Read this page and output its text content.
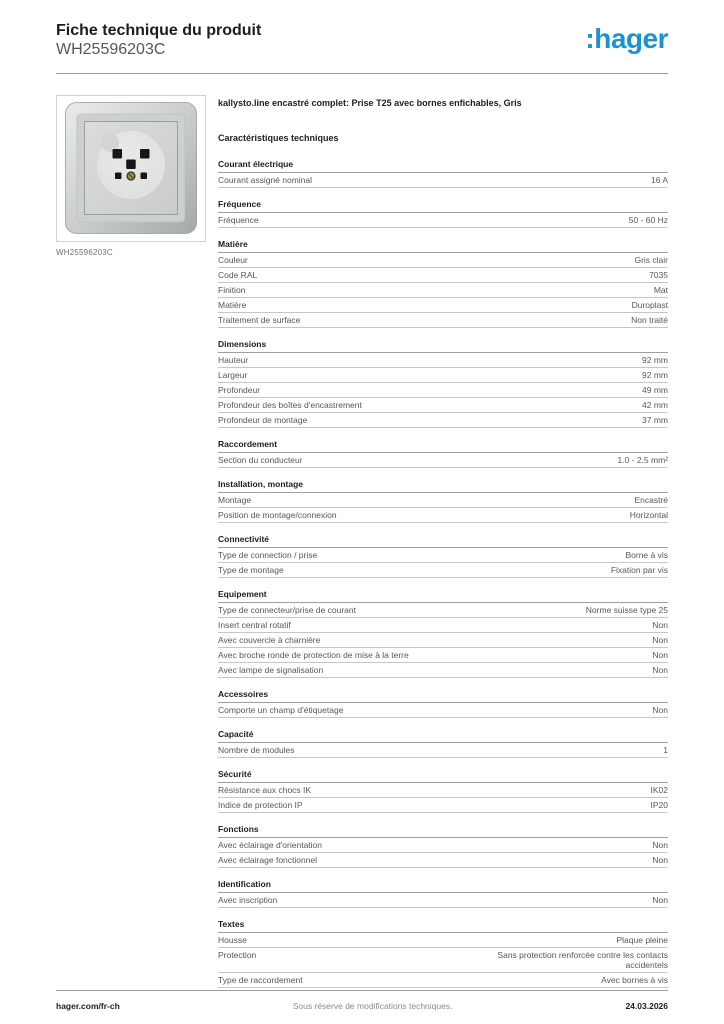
Fiche technique du produit
WH25596203C	:hager
WH25596203C
kallysto.line encastré complet: Prise T25 avec bornes enfichables, Gris
Caractéristiques techniques
Courant électrique
Courant assigné nominal	16 A
Fréquence
Fréquence	50 - 60 Hz
Matière
Couleur	Gris clair
Code RAL	7035
Finition	Mat
Matière	Duroplast
Traitement de surface	Non traité
Dimensions
Hauteur	92 mm
Largeur	92 mm
Profondeur	49 mm
Profondeur des boîtes d'encastrement	42 mm
Profondeur de montage	37 mm
Raccordement
Section du conducteur	1.0 - 2.5 mm²
Installation, montage
Montage	Encastré
Position de montage/connexion	Horizontal
Connectivité
Type de connection / prise	Borne à vis
Type de montage	Fixation par vis
Equipement
Type de connecteur/prise de courant	Norme suisse type 25
Insert central rotatif	Non
Avec couvercle à charnière	Non
Avec broche ronde de protection de mise à la terre	Non
Avec lampe de signalisation	Non
Accessoires
Comporte un champ d'étiquetage	Non
Capacité
Nombre de modules	1
Sécurité
Résistance aux chocs IK	IK02
Indice de protection IP	IP20
Fonctions
Avec éclairage d'orientation	Non
Avec éclairage fonctionnel	Non
Identification
Avec inscription	Non
Textes
Housse	Plaque pleine
Protection	Sans protection renforcée contre les contacts accidentels
Type de raccordement	Avec bornes à vis
hager.com/fr-ch	Sous réserve de modifications techniques.	24.03.2026
